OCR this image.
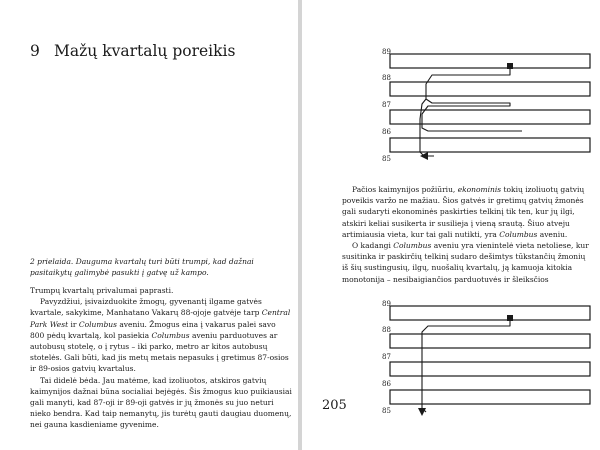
9 Mažų kvartalų poreikis
2 prielaida. Dauguma kvartalų turi būti trumpi, kad dažnai pasitaikytų galimybė pasukti į gatvę už kampo.

Trumpų kvartalų privalumai paprasti.

Pavyzdžiui, įsivaizduokite žmogų, gyvenantį ilgame gatvės kvartale, sakykime, Manhatano Vakarų 88-ojoje gatvėje tarp Central Park West ir Columbus aveniu. Žmogus eina į vakarus palei savo 800 pėdų kvartalą, kol pasiekia Columbus aveniu parduotuves ar autobusų stotelę, o į rytus – iki parko, metro ar kitos autobusų stotelės. Gali būti, kad jis metų metais nepasuks į gretimus 87-osios ir 89-osios gatvių kvartalus.

Tai didelė bėda. Jau matėme, kad izoliuotos, atskiros gatvių kaimynijos dažnai būna socialiai bejėgės. Šis žmogus kuo puikiausiai gali manyti, kad 87-oji ir 89-oji gatvės ir jų žmonės su juo neturi nieko bendra. Kad taip nemanytų, jis turėtų gauti daugiau duomenų, nei gauna kasdieniame gyvenime.

89
88
87
86
85

Pačios kaimynijos požiūriu, ekonominis tokių izoliuotų gatvių poveikis varžo ne mažiau. Šios gatvės ir gretimų gatvių žmonės gali sudaryti ekonominės paskirties telkinį tik ten, kur jų ilgi, atskiri keliai susikerta ir susilieja į vieną srautą. Šiuo atveju artimiausia vieta, kur tai gali nutikti, yra Columbus aveniu.

O kadangi Columbus aveniu yra vienintelė vieta netoliese, kur susitinka ir paskirčių telkinį sudaro dešimtys tūkstančių žmonių iš šių sustingusių, ilgų, nuošalių kvartalų, ją kamuoja kitokia monotonija – nesibaigiančios parduotuvės ir šleiksčios

89
88
87
86
85
205
